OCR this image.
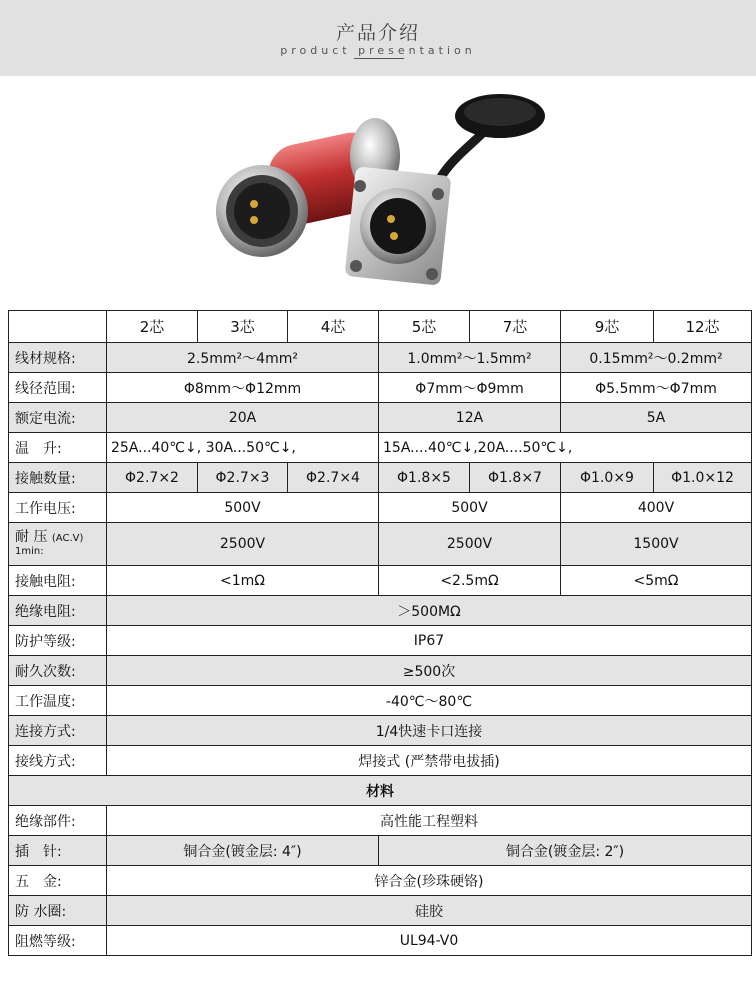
产品介绍
product presentation
	2芯	3芯	4芯	5芯	7芯	9芯	12芯
线材规格:	2.5mm²～4mm²			1.0mm²～1.5mm²		0.15mm²～0.2mm²	
线径范围:	Φ8mm～Φ12mm			Φ7mm～Φ9mm		Φ5.5mm～Φ7mm	
额定电流:	20A			12A		5A	
温　升:	25A...40℃↓, 30A...50℃↓,			15A....40℃↓,20A....50℃↓,			
接触数量:	Φ2.7×2	Φ2.7×3	Φ2.7×4	Φ1.8×5	Φ1.8×7	Φ1.0×9	Φ1.0×12
工作电压:	500V			500V		400V	

耐 压 (AC.V)
1min:	2500V			2500V		1500V	
接触电阻:	<1mΩ			<2.5mΩ		<5mΩ	
绝缘电阻:	＞500MΩ						
防护等级:	IP67						
耐久次数:	≥500次						
工作温度:	-40℃～80℃						
连接方式:	1/4快速卡口连接						
接线方式:	焊接式 (严禁带电拔插)						
材料							
绝缘部件:	高性能工程塑料						
插　针:	铜合金(镀金层: 4″)			铜合金(镀金层: 2″)			
五　金:	锌合金(珍珠硬铬)						
防 水圈:	硅胶						
阻燃等级:	UL94-V0						
